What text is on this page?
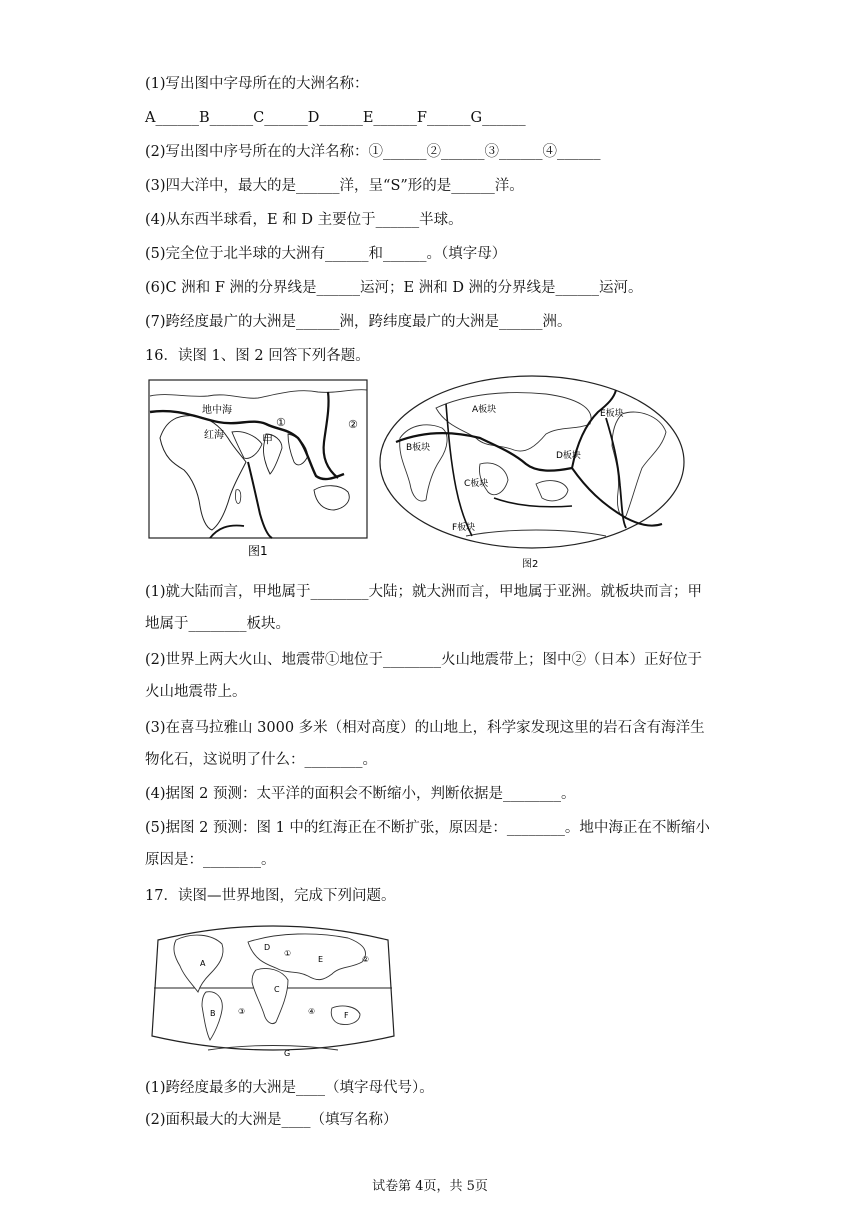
(1)写出图中字母所在的大洲名称：
A______B______C______D______E______F______G______
(2)写出图中序号所在的大洋名称：①______②______③______④______
(3)四大洋中，最大的是______洋，呈“S”形的是______洋。
(4)从东西半球看，E 和 D 主要位于______半球。
(5)完全位于北半球的大洲有______和______。（填字母）
(6)C 洲和 F 洲的分界线是______运河；E 洲和 D 洲的分界线是______运河。
(7)跨经度最广的大洲是______洲，跨纬度最广的大洲是______洲。
16．读图 1、图 2 回答下列各题。
地中海
红海	甲
①	②
图1
A板块
B板块
C板块
D板块
E板块
F板块
图2
(1)就大陆而言，甲地属于________大陆；就大洲而言，甲地属于亚洲。就板块而言；甲
地属于________板块。
(2)世界上两大火山、地震带①地位于________火山地震带上；图中②（日本）正好位于
火山地震带上。
(3)在喜马拉雅山 3000 多米（相对高度）的山地上，科学家发现这里的岩石含有海洋生
物化石，这说明了什么：________。
(4)据图 2 预测：太平洋的面积会不断缩小，判断依据是________。
(5)据图 2 预测：图 1 中的红海正在不断扩张，原因是：________。地中海正在不断缩小
原因是：________。
17．读图—世界地图，完成下列问题。
A
B
C
D
E
F
G
①
②
③	④
(1)跨经度最多的大洲是____（填字母代号）。
(2)面积最大的大洲是____（填写名称）
试卷第 4页，共 5页
